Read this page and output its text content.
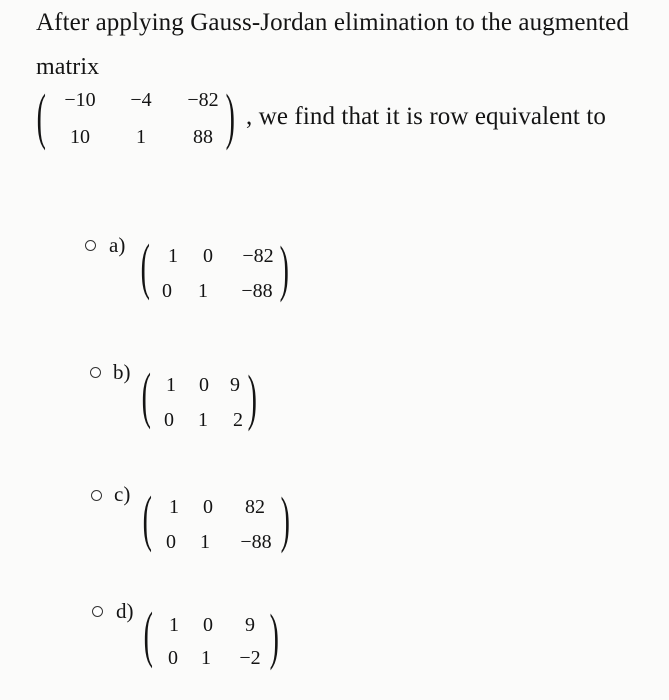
After applying Gauss-Jordan elimination to the augmented
matrix
( −10	−4	−82
10	1	88 ) , we find that it is row equivalent to
a) ( 1	0	−82
0	1	−88 )
b) ( 1	0	9
0	1	2 )
c) ( 1	0	82
0	1	−88 )
d) ( 1	0	9
0	1	−2 )
